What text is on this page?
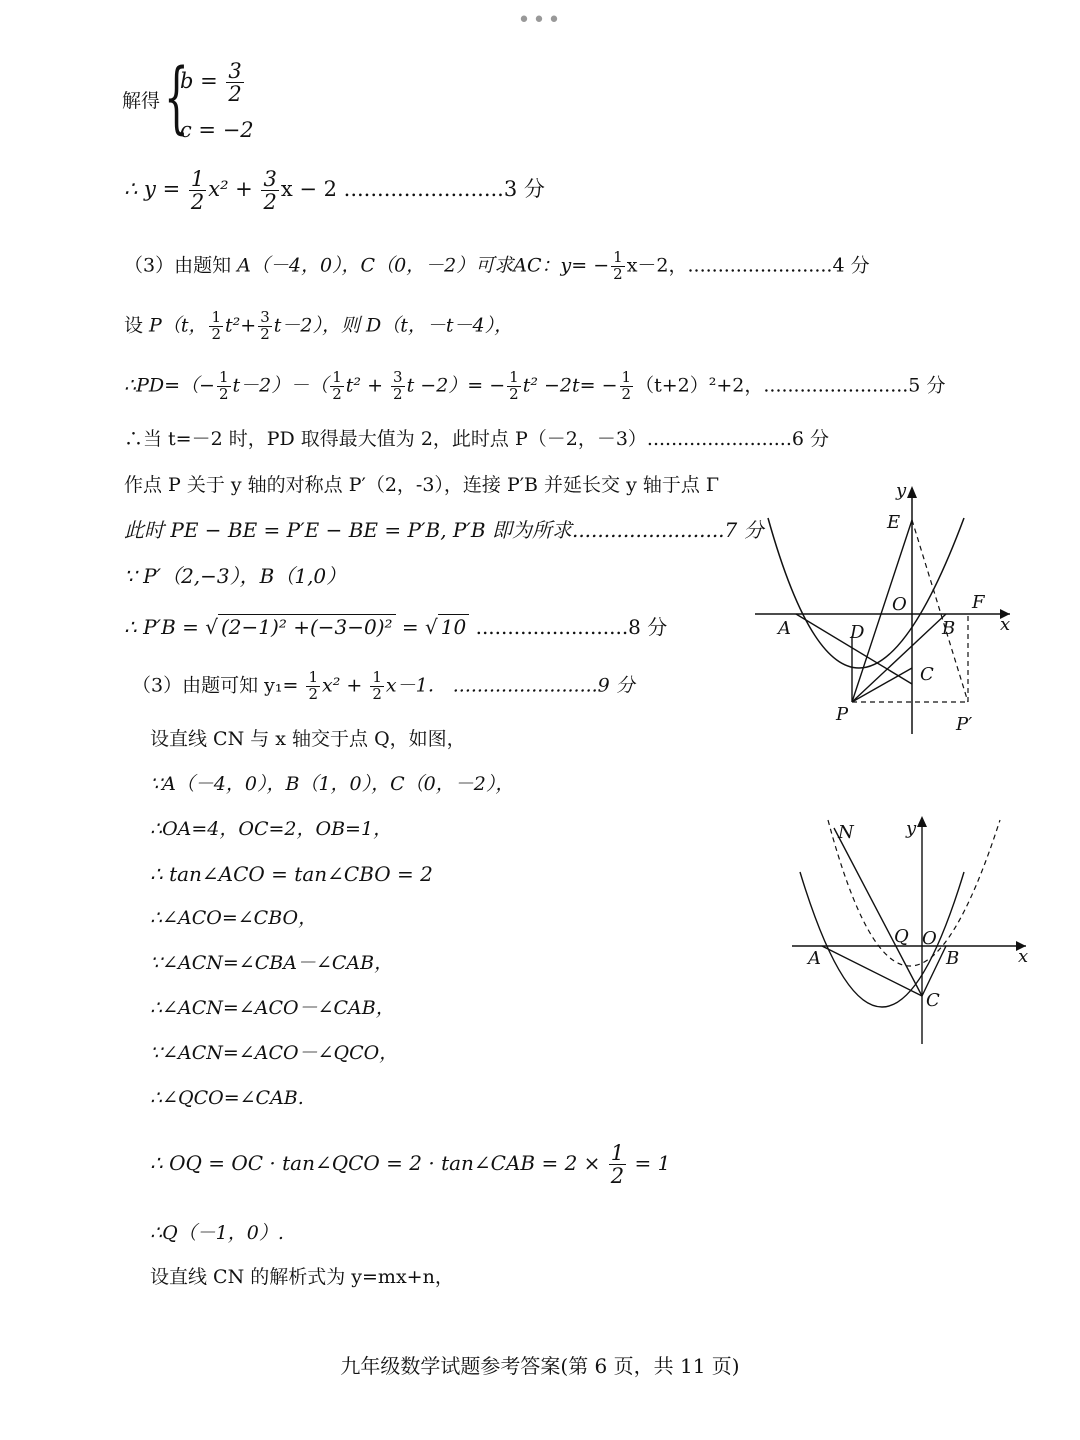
•••
解得 {
$b = \frac{3}{2}$
c = −2
∴ $y = \frac{1}{2} x^2 + \frac{3}{2}$ x − 2 ........................3 分
（3）由题知 A（－4，0），C（0，－2）可求AC：$y= - \frac{1}{2} x-2$，........................4 分
设 P（t， $\frac{1}{2} t^2+ \frac{3}{2} t-2$），则 D（t，－t－4），
∴PD=（− $\frac{1}{2} t-2)-( \frac{1}{2} t^2 + \frac{3}{2}$ $t -2)= - \frac{1}{2} t^2 -2t= - \frac{1}{2} (t+2)^2+2$，........................5 分
∴当 t=－2 时，PD 取得最大值为 2，此时点 P（－2，－3）........................6 分
作点 P 关于 y 轴的对称点 P′（2，-3），连接 P′B 并延长交 y 轴于点 Γ
此时 PE − BE = P′E − BE = P′B, P′B 即为所求........................7 分
∵ P′（2,−3），B（1,0）
∴ P′B = √ (2−1)² +(−3−0)² = √ 10 ........................8 分
（3）由题可知 $y_1= \frac{1}{2} x^2 + \frac{1}{2} x-1$． ........................9 分
设直线 CN 与 x 轴交于点 Q，如图，
∵A（－4，0），B（1，0），C（0，－2），
∴OA=4，OC=2，OB=1，
∴ tan∠ACO = tan∠CBO = 2
∴∠ACO=∠CBO，
∵∠ACN=∠CBA－∠CAB，
∴∠ACN=∠ACO－∠CAB，
∵∠ACN=∠ACO－∠QCO，
∴∠QCO=∠CAB.
∴ OQ = OC · tan∠QCO = 2 · tan∠CAB = $2 \times \frac{1}{2} = 1$
∴Q（－1，0）.
设直线 CN 的解析式为 y=mx+n，
y
x
E
O	F
A	D	B
C
P	P′
N	y
Q O
A	B	x
C
九年级数学试题参考答案(第 6 页，共 11 页)
